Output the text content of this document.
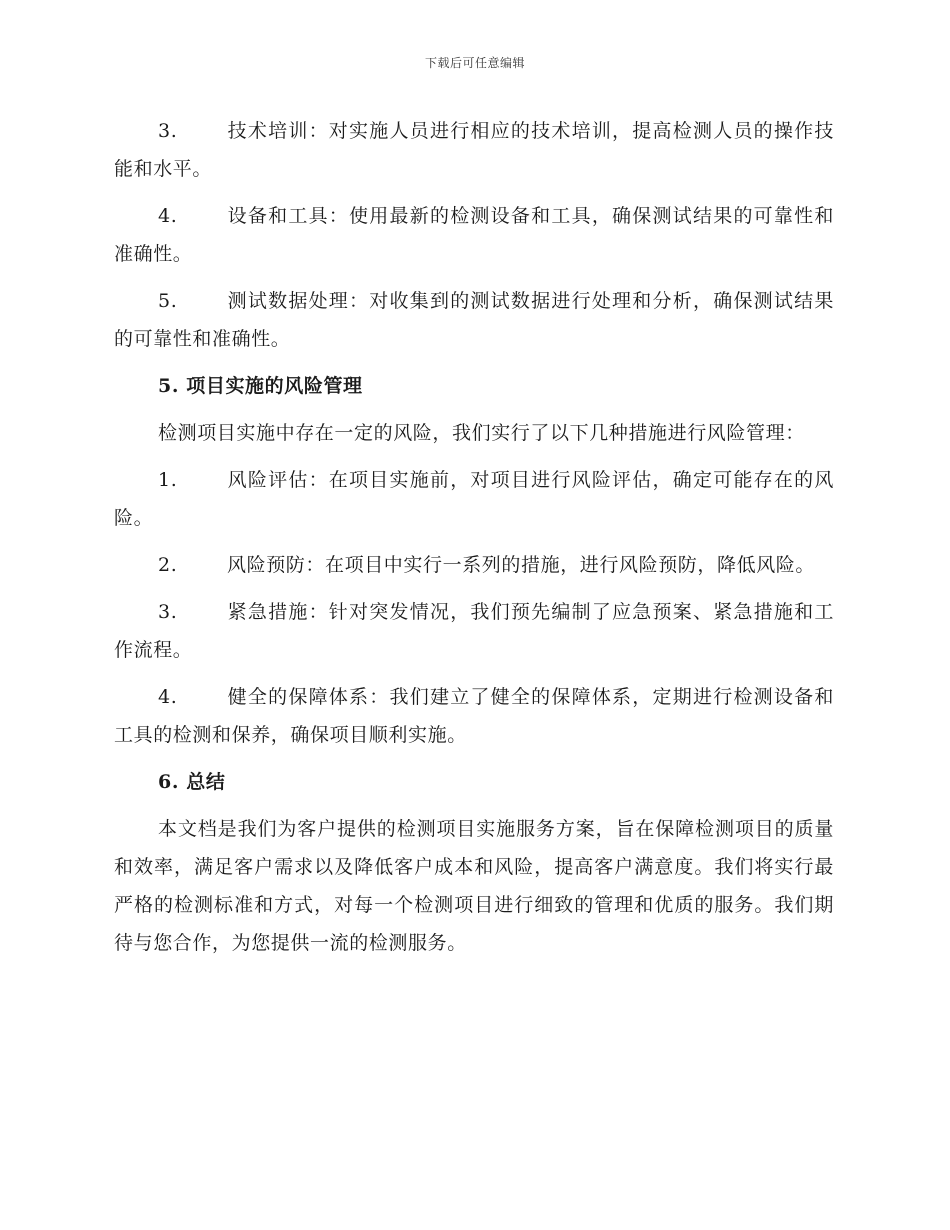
下载后可任意编辑
3.	技术培训：对实施人员进行相应的技术培训，提高检测人员的操作技能和水平。
4.	设备和工具：使用最新的检测设备和工具，确保测试结果的可靠性和准确性。
5.	测试数据处理：对收集到的测试数据进行处理和分析，确保测试结果的可靠性和准确性。
5. 项目实施的风险管理
检测项目实施中存在一定的风险，我们实行了以下几种措施进行风险管理：
1.	风险评估：在项目实施前，对项目进行风险评估，确定可能存在的风险。
2.	风险预防：在项目中实行一系列的措施，进行风险预防，降低风险。
3.	紧急措施：针对突发情况，我们预先编制了应急预案、紧急措施和工作流程。
4.	健全的保障体系：我们建立了健全的保障体系，定期进行检测设备和工具的检测和保养，确保项目顺利实施。
6. 总结
本文档是我们为客户提供的检测项目实施服务方案，旨在保障检测项目的质量和效率，满足客户需求以及降低客户成本和风险，提高客户满意度。我们将实行最严格的检测标准和方式，对每一个检测项目进行细致的管理和优质的服务。我们期待与您合作，为您提供一流的检测服务。
